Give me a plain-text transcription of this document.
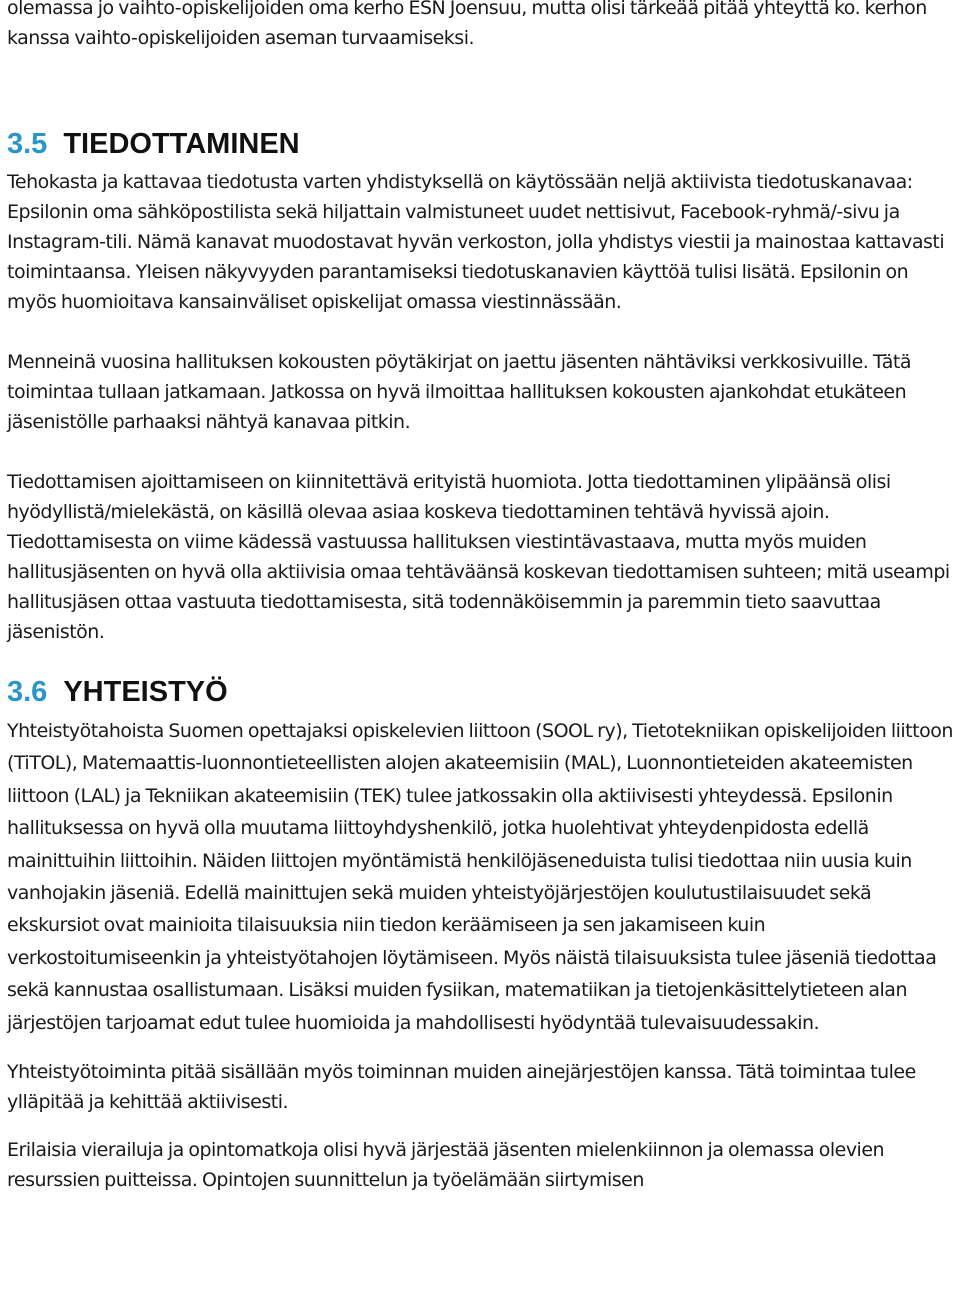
olemassa jo vaihto-opiskelijoiden oma kerho ESN Joensuu, mutta olisi tärkeää pitää yhteyttä ko. kerhon kanssa vaihto-opiskelijoiden aseman turvaamiseksi.

3.5 TIEDOTTAMINEN

Tehokasta ja kattavaa tiedotusta varten yhdistyksellä on käytössään neljä aktiivista tiedotuskanavaa: Epsilonin oma sähköpostilista sekä hiljattain valmistuneet uudet nettisivut, Facebook-ryhmä/-sivu ja Instagram-tili. Nämä kanavat muodostavat hyvän verkoston, jolla yhdistys viestii ja mainostaa kattavasti toimintaansa. Yleisen näkyvyyden parantamiseksi tiedotuskanavien käyttöä tulisi lisätä. Epsilonin on myös huomioitava kansainväliset opiskelijat omassa viestinnässään.

Menneinä vuosina hallituksen kokousten pöytäkirjat on jaettu jäsenten nähtäviksi verkkosivuille. Tätä toimintaa tullaan jatkamaan. Jatkossa on hyvä ilmoittaa hallituksen kokousten ajankohdat etukäteen jäsenistölle parhaaksi nähtyä kanavaa pitkin.

Tiedottamisen ajoittamiseen on kiinnitettävä erityistä huomiota. Jotta tiedottaminen ylipäänsä olisi hyödyllistä/mielekästä, on käsillä olevaa asiaa koskeva tiedottaminen tehtävä hyvissä ajoin. Tiedottamisesta on viime kädessä vastuussa hallituksen viestintävastaava, mutta myös muiden hallitusjäsenten on hyvä olla aktiivisia omaa tehtäväänsä koskevan tiedottamisen suhteen; mitä useampi hallitusjäsen ottaa vastuuta tiedottamisesta, sitä todennäköisemmin ja paremmin tieto saavuttaa jäsenistön.

3.6 YHTEISTYÖ

Yhteistyötahoista Suomen opettajaksi opiskelevien liittoon (SOOL ry), Tietotekniikan opiskelijoiden liittoon (TiTOL), Matemaattis-luonnontieteellisten alojen akateemisiin (MAL), Luonnontieteiden akateemisten liittoon (LAL) ja Tekniikan akateemisiin (TEK) tulee jatkossakin olla aktiivisesti yhteydessä. Epsilonin hallituksessa on hyvä olla muutama liittoyhdyshenkilö, jotka huolehtivat yhteydenpidosta edellä mainittuihin liittoihin. Näiden liittojen myöntämistä henkilöjäseneduista tulisi tiedottaa niin uusia kuin vanhojakin jäseniä. Edellä mainittujen sekä muiden yhteistyöjärjestöjen koulutustilaisuudet sekä ekskursiot ovat mainioita tilaisuuksia niin tiedon keräämiseen ja sen jakamiseen kuin verkostoitumiseenkin ja yhteistyötahojen löytämiseen. Myös näistä tilaisuuksista tulee jäseniä tiedottaa sekä kannustaa osallistumaan. Lisäksi muiden fysiikan, matematiikan ja tietojenkäsittelytieteen alan järjestöjen tarjoamat edut tulee huomioida ja mahdollisesti hyödyntää tulevaisuudessakin.

Yhteistyötoiminta pitää sisällään myös toiminnan muiden ainejärjestöjen kanssa. Tätä toimintaa tulee ylläpitää ja kehittää aktiivisesti.

Erilaisia vierailuja ja opintomatkoja olisi hyvä järjestää jäsenten mielenkiinnon ja olemassa olevien resurssien puitteissa. Opintojen suunnittelun ja työelämään siirtymisen
